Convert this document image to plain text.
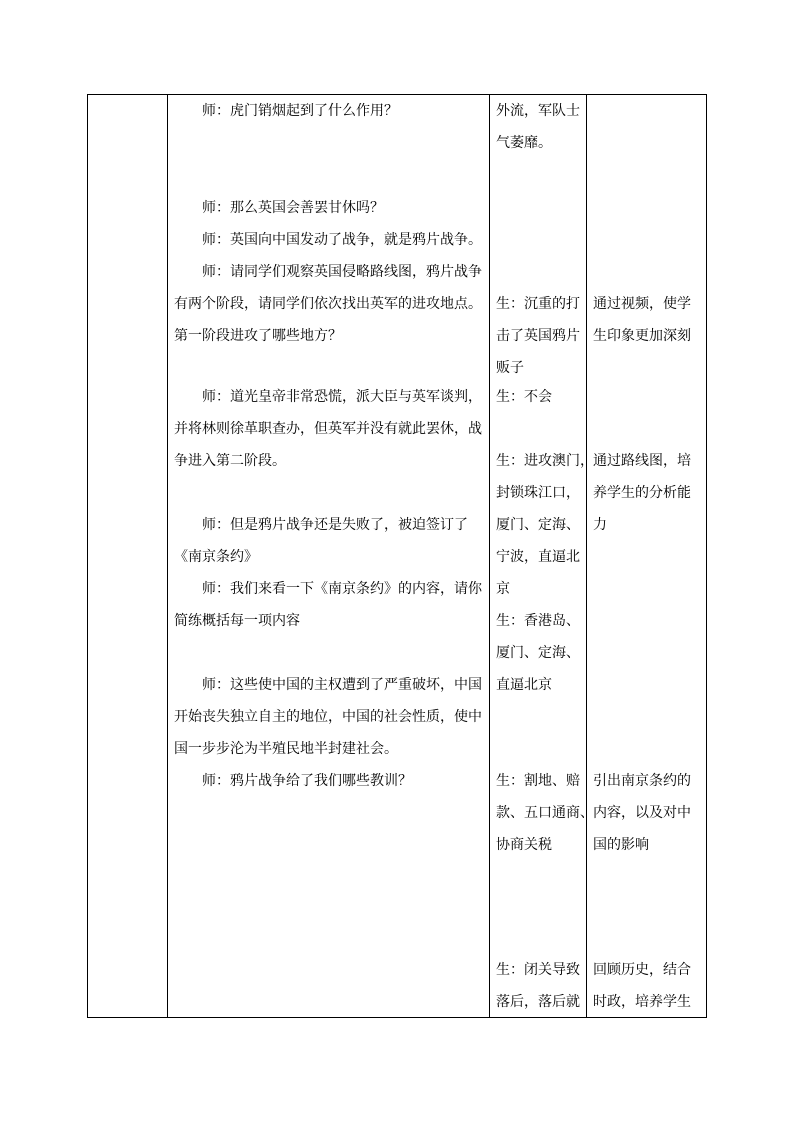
师：虎门销烟起到了什么作用？

师：那么英国会善罢甘休吗？

师：英国向中国发动了战争，就是鸦片战争。

师：请同学们观察英国侵略路线图，鸦片战争

有两个阶段，请同学们依次找出英军的进攻地点。

第一阶段进攻了哪些地方？

师：道光皇帝非常恐慌，派大臣与英军谈判，

并将林则徐革职查办，但英军并没有就此罢休，战

争进入第二阶段。

师：但是鸦片战争还是失败了，被迫签订了

《南京条约》

师：我们来看一下《南京条约》的内容，请你

简练概括每一项内容

师：这些使中国的主权遭到了严重破坏，中国

开始丧失独立自主的地位，中国的社会性质，使中

国一步步沦为半殖民地半封建社会。

师：鸦片战争给了我们哪些教训？

外流，军队士

气萎靡。

生：沉重的打

击了英国鸦片

贩子

生：不会

生：进攻澳门，

封锁珠江口，

厦门、定海、

宁波，直逼北

京

生：香港岛、

厦门、定海、

直逼北京

生：割地、赔

款、五口通商、

协商关税

生：闭关导致

落后，落后就

通过视频，使学

生印象更加深刻

通过路线图，培

养学生的分析能

力

引出南京条约的

内容，以及对中

国的影响

回顾历史，结合

时政，培养学生
